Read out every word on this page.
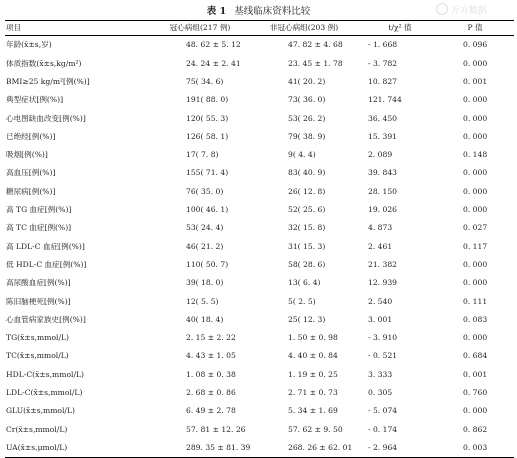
表 1 基线临床资料比较	万方数据
项目	冠心病组(217 例)	非冠心病组(203 例)	t/χ² 值	P 值
年龄(x̄±s,岁)	48. 62 ± 5. 12	47. 82 ± 4. 68	- 1. 668	0. 096
体质指数(x̄±s,kg/m²)	24. 24 ± 2. 41	23. 45 ± 1. 78	- 3. 782	0. 000
BMI≥25 kg/m²[例(%)]	75( 34. 6)	41( 20. 2)	10. 827	0. 001
典型症状[例(%)]	191( 88. 0)	73( 36. 0)	121. 744	0. 000
心电图缺血改变[例(%)]	120( 55. 3)	53( 26. 2)	36. 450	0. 000
已绝经[例(%)]	126( 58. 1)	79( 38. 9)	15. 391	0. 000
吸烟[例(%)]	17( 7. 8)	9( 4. 4)	2. 089	0. 148
高血压[例(%)]	155( 71. 4)	83( 40. 9)	39. 843	0. 000
糖尿病[例(%)]	76( 35. 0)	26( 12. 8)	28. 150	0. 000
高 TG 血症[例(%)]	100( 46. 1)	52( 25. 6)	19. 026	0. 000
高 TC 血症[例(%)]	53( 24. 4)	32( 15. 8)	4. 873	0. 027
高 LDL-C 血症[例(%)]	46( 21. 2)	31( 15. 3)	2. 461	0. 117
低 HDL-C 血症[例(%)]	110( 50. 7)	58( 28. 6)	21. 382	0. 000
高尿酸血症[例(%)]	39( 18. 0)	13( 6. 4)	12. 939	0. 000
陈旧脑梗死[例(%)]	12( 5. 5)	5( 2. 5)	2. 540	0. 111
心血管病家族史[例(%)]	40( 18. 4)	25( 12. 3)	3. 001	0. 083
TG(x̄±s,mmol/L)	2. 15 ± 2. 22	1. 50 ± 0. 98	- 3. 910	0. 000
TC(x̄±s,mmol/L)	4. 43 ± 1. 05	4. 40 ± 0. 84	- 0. 521	0. 684
HDL-C(x̄±s,mmol/L)	1. 08 ± 0. 38	1. 19 ± 0. 25	3. 333	0. 001
LDL-C(x̄±s,mmol/L)	2. 68 ± 0. 86	2. 71 ± 0. 73	0. 305	0. 760
GLU(x̄±s,mmol/L)	6. 49 ± 2. 78	5. 34 ± 1. 69	- 5. 074	0. 000
Cr(x̄±s,mmol/L)	57. 81 ± 12. 26	57. 62 ± 9. 50	- 0. 174	0. 862
UA(x̄±s,μmol/L)	289. 35 ± 81. 39	268. 26 ± 62. 01	- 2. 964	0. 003
